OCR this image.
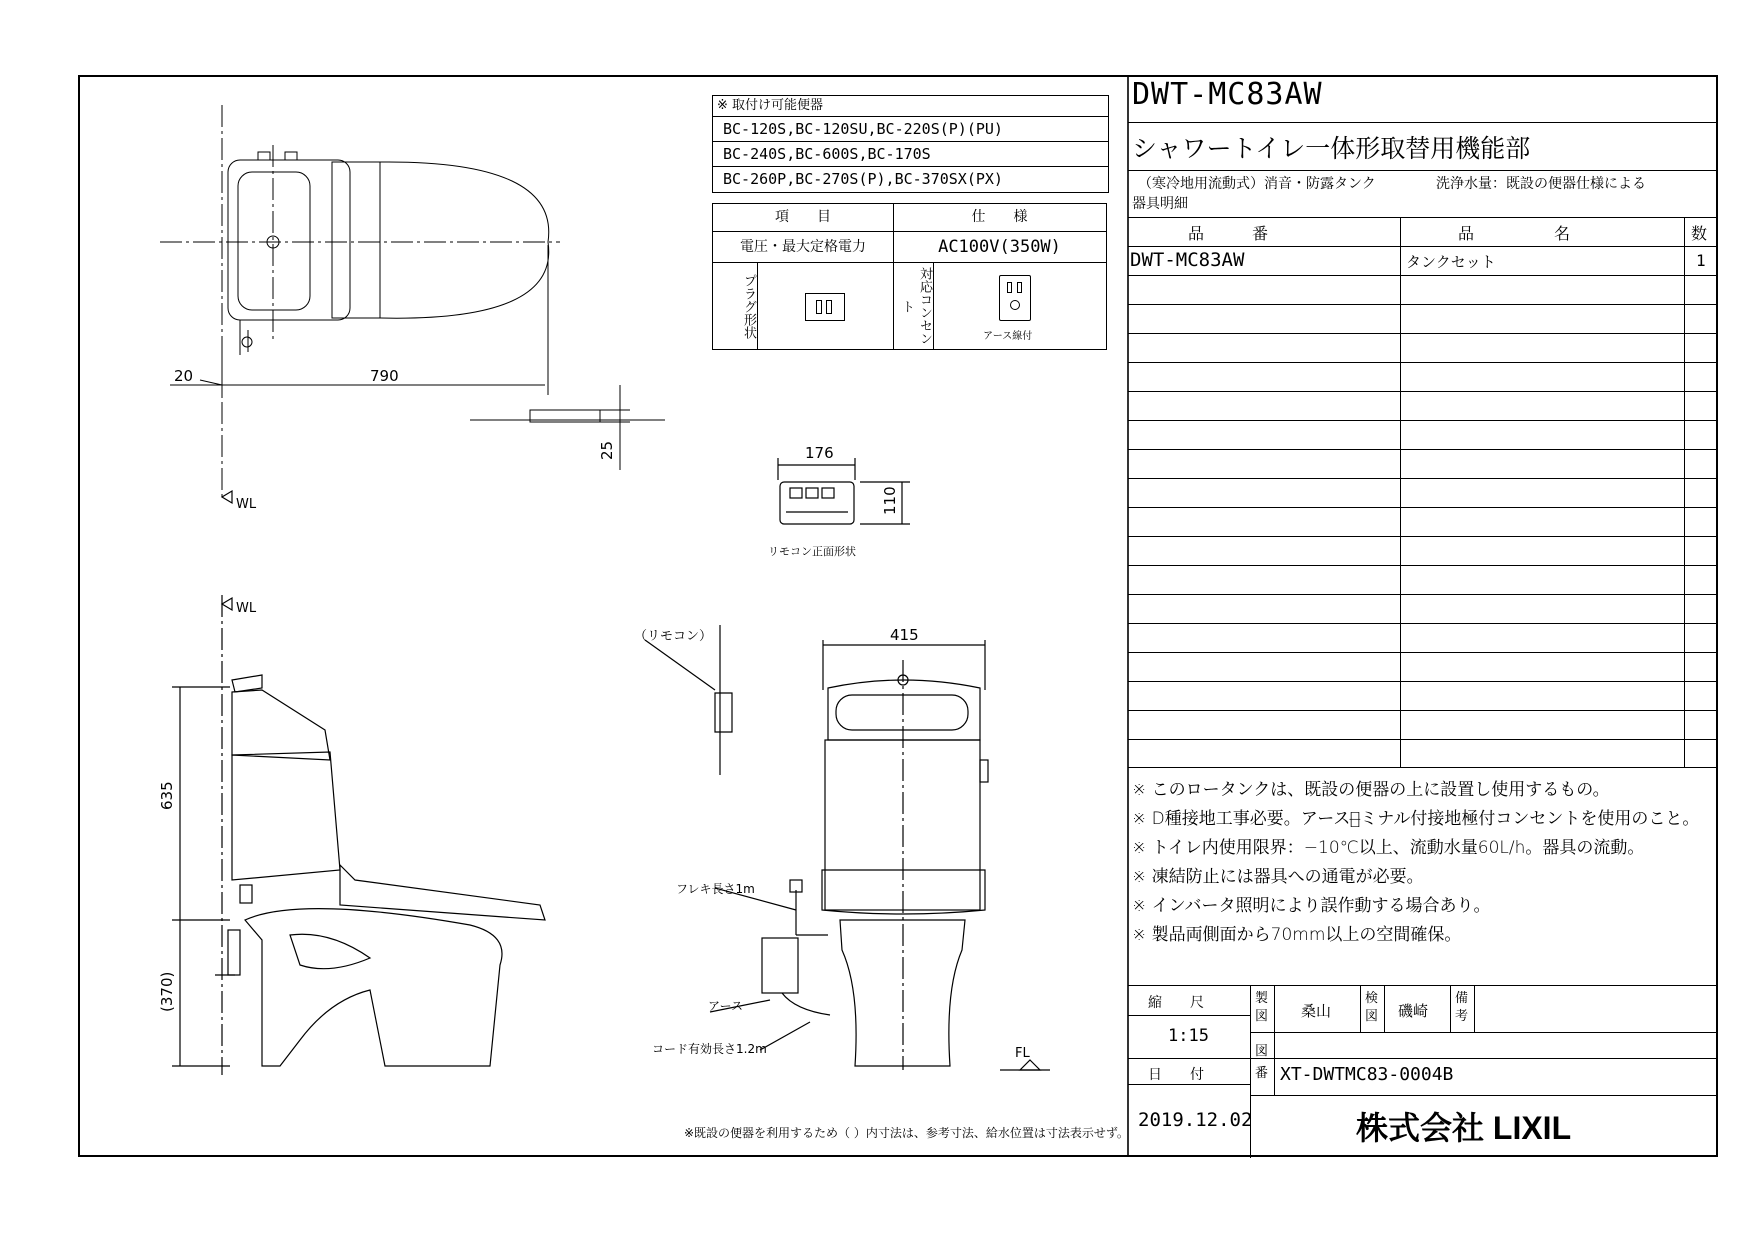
20	790
25	176
110
リモコン正面形状
WL
WL
635
(370)
（リモコン）	415
フレキ長さ1m
アース
コード有効長さ1.2m	FL
※既設の便器を利用するため（ ）内寸法は、参考寸法、給水位置は寸法表示せず。
※ 取付け可能便器
BC-120S,BC-120SU,BC-220S(P)(PU)
BC-240S,BC-600S,BC-170S
BC-260P,BC-270S(P),BC-370SX(PX)
項　　目	仕　　様
電圧・最大定格電力	AC100V(350W)
プラグ形状	対応コンセント
アース線付
DWT-MC83AW
シャワートイレ一体形取替用機能部
（寒冷地用流動式）消音・防露タンク	洗浄水量：既設の便器仕様による
器具明細
品　　　番	品　　　　　名	数
DWT-MC83AW	タンクセット	1
※ このロータンクは、既設の便器の上に設置し使用するもの。
※ D種接地工事必要。アーステ̶ミナル付接地極付コンセントを使用のこと。
※ トイレ内使用限界：−10℃以上、流動水量60L/h。器具の流動。
※ 凍結防止には器具への通電が必要。
※ インバータ照明により誤作動する場合あり。
※ 製品両側面から70mm以上の空間確保。
縮　　尺
1:15
製図 桑山
検図 磯崎
備考
図番 XT-DWTMC83-0004B
日　　付
2019.12.02	株式会社 LIXIL
